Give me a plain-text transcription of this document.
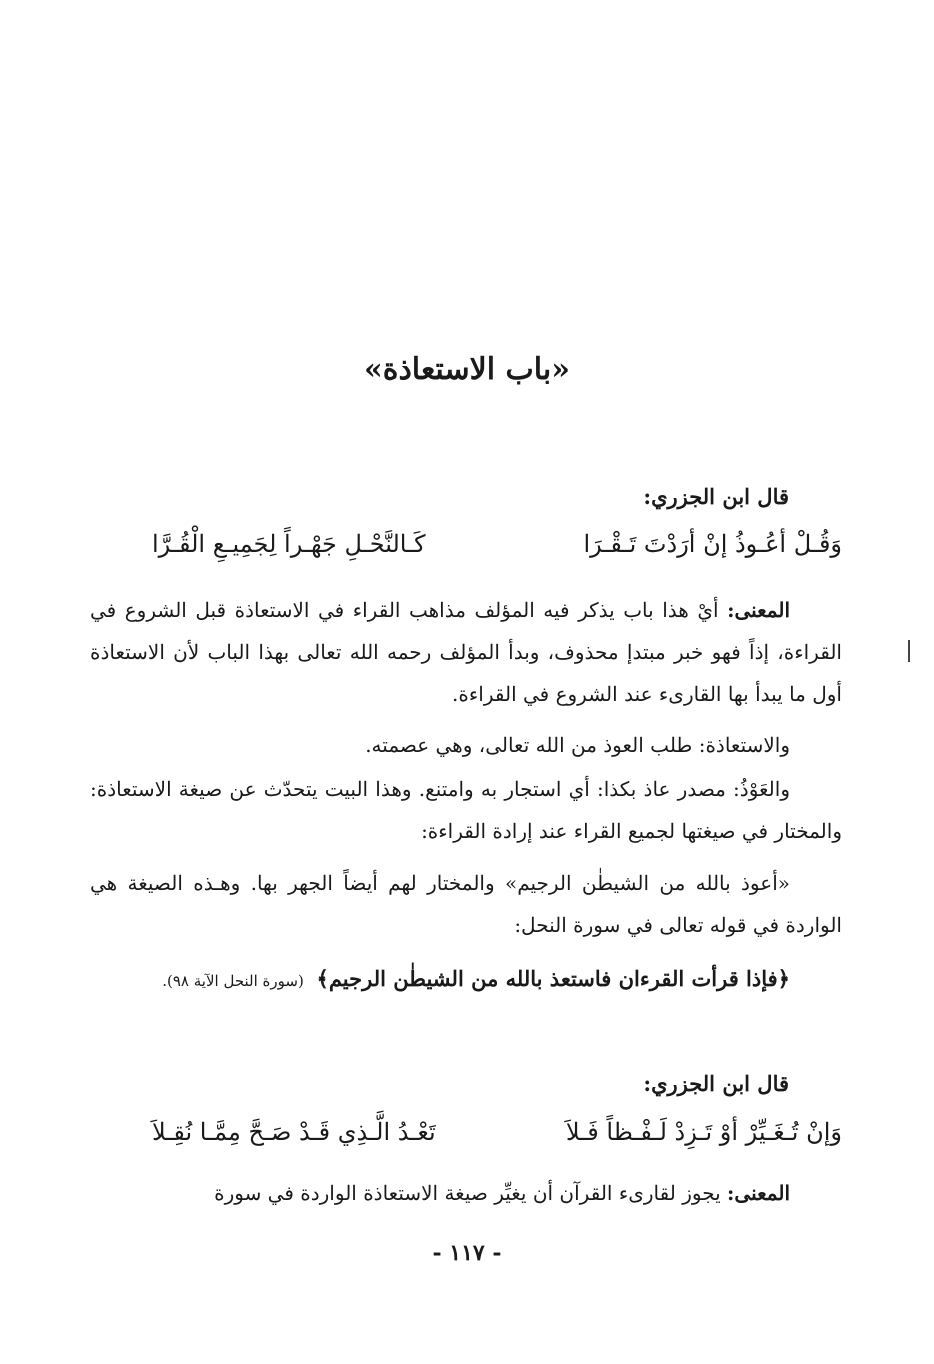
«باب الاستعاذة»
قال ابن الجزري:
وَقُـلْ أعُـوذُ إنْ أرَدْتَ تَـقْـرَا
كَـالنَّحْـلِ جَهْـراً لِجَمِيـعِ الْقُـرَّا
المعنى: أيْ هذا باب يذكر فيه المؤلف مذاهب القراء في الاستعاذة قبل الشروع في القراءة، إذاً فهو خبر مبتدإ محذوف، وبدأ المؤلف رحمه الله تعالى بهذا الباب لأن الاستعاذة أول ما يبدأ بها القارىء عند الشروع في القراءة.
والاستعاذة: طلب العوذ من الله تعالى، وهي عصمته.
والعَوْذُ: مصدر عاذ بكذا: أي استجار به وامتنع. وهذا البيت يتحدّث عن صيغة الاستعاذة: والمختار في صيغتها لجميع القراء عند إرادة القراءة:
«أعوذ بالله من الشيطٰن الرجيم» والمختار لهم أيضاً الجهر بها. وهـذه الصيغة هي الواردة في قوله تعالى في سورة النحل:
﴿فإذا قرأت القرءان فاستعذ بالله من الشيطٰن الرجيم﴾  (سورة النحل الآية ٩٨).
قال ابن الجزري:
وَإنْ تُـغَـيِّرْ أوْ تَـزِدْ لَـفْـظاً فَـلاَ
تَعْـدُ الَّـذِي قَـدْ صَـحَّ مِمَّـا نُقِـلاَ
المعنى: يجوز لقارىء القرآن أن يغيِّر صيغة الاستعاذة الواردة في سورة
- ١١٧ -
